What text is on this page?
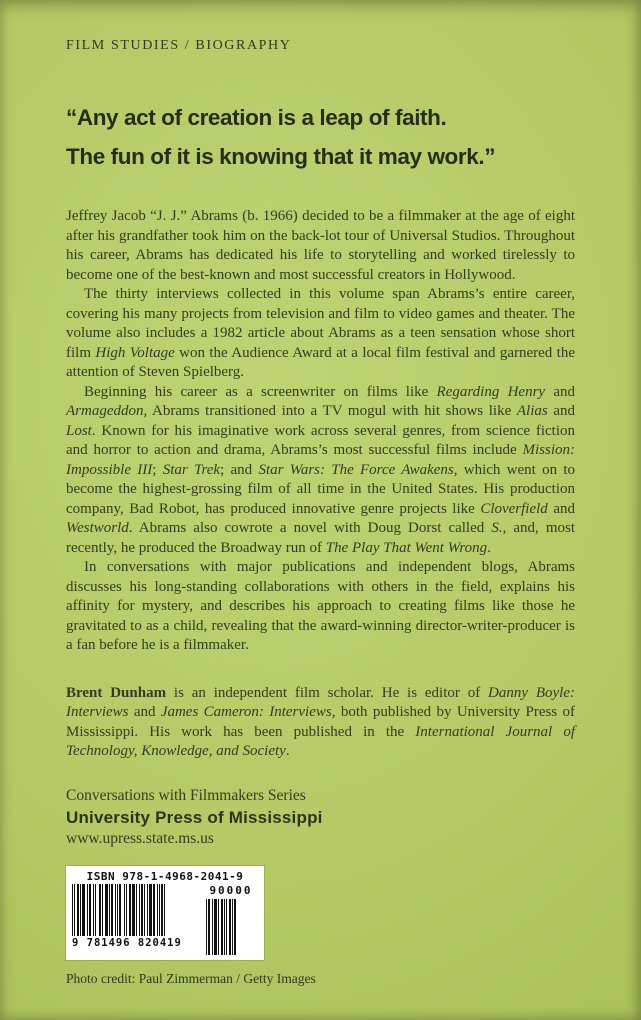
FILM STUDIES / BIOGRAPHY
“Any act of creation is a leap of faith.
The fun of it is knowing that it may work.”

Jeffrey Jacob “J. J.” Abrams (b. 1966) decided to be a filmmaker at the age of eight after his grandfather took him on the back-lot tour of Universal Studios. Throughout his career, Abrams has dedicated his life to storytelling and worked tirelessly to become one of the best-known and most successful creators in Hollywood.

The thirty interviews collected in this volume span Abrams’s entire career, covering his many projects from television and film to video games and theater. The volume also includes a 1982 article about Abrams as a teen sensation whose short film High Voltage won the Audience Award at a local film festival and garnered the attention of Steven Spielberg.

Beginning his career as a screenwriter on films like Regarding Henry and Armageddon, Abrams transitioned into a TV mogul with hit shows like Alias and Lost. Known for his imaginative work across several genres, from science fiction and horror to action and drama, Abrams’s most successful films include Mission: Impossible III; Star Trek; and Star Wars: The Force Awakens, which went on to become the highest-grossing film of all time in the United States. His production company, Bad Robot, has produced innovative genre projects like Cloverfield and Westworld. Abrams also cowrote a novel with Doug Dorst called S., and, most recently, he produced the Broadway run of The Play That Went Wrong.

In conversations with major publications and independent blogs, Abrams discusses his long-standing collaborations with others in the field, explains his affinity for mystery, and describes his approach to creating films like those he gravitated to as a child, revealing that the award-winning director-writer-producer is a fan before he is a filmmaker.

Brent Dunham is an independent film scholar. He is editor of Danny Boyle: Interviews and James Cameron: Interviews, both published by University Press of Mississippi. His work has been published in the International Journal of Technology, Knowledge, and Society.
Conversations with Filmmakers Series
University Press of Mississippi
www.upress.state.ms.us
ISBN 978-1-4968-2041-9
9 781496 820419
90000
Photo credit: Paul Zimmerman / Getty Images
